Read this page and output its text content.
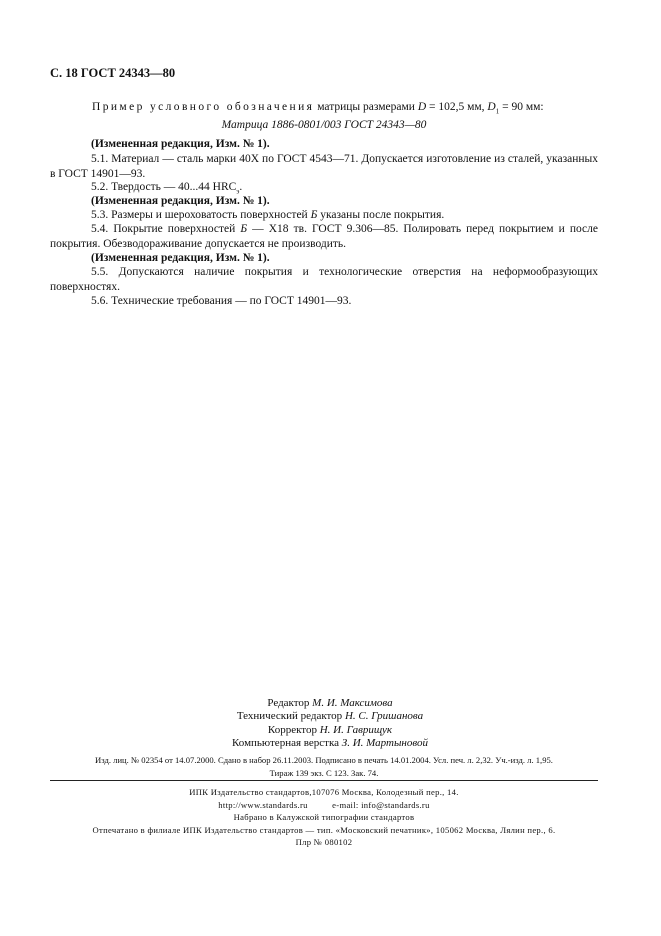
С. 18 ГОСТ 24343—80
Пример условного обозначения матрицы размерами D = 102,5 мм, $D_1 = 90$ мм:
Матрица 1886-0801/003 ГОСТ 24343—80
(Измененная редакция, Изм. № 1).
5.1. Материал — сталь марки 40Х по ГОСТ 4543—71. Допускается изготовление из сталей, указанных в ГОСТ 14901—93.
5.2. Твердость — 40...44 $HRC_э$.
(Измененная редакция, Изм. № 1).
5.3. Размеры и шероховатость поверхностей Б указаны после покрытия.
5.4. Покрытие поверхностей Б — Х18 тв. ГОСТ 9.306—85. Полировать перед покрытием и после покрытия. Обезводораживание допускается не производить.
(Измененная редакция, Изм. № 1).
5.5. Допускаются наличие покрытия и технологические отверстия на неформообразующих поверхностях.
5.6. Технические требования — по ГОСТ 14901—93.
Редактор М. И. Максимова
Технический редактор Н. С. Гришанова
Корректор Н. И. Гаврищук
Компьютерная верстка З. И. Мартыновой
Изд. лиц. № 02354 от 14.07.2000. Сдано в набор 26.11.2003. Подписано в печать 14.01.2004. Усл. печ. л. 2,32. Уч.-изд. л. 1,95.
Тираж 139 экз. С 123. Зак. 74.
ИПК Издательство стандартов,107076 Москва, Колодезный пер., 14.
http://www.standards.ru          e-mail: info@standards.ru
Набрано в Калужской типографии стандартов
Отпечатано в филиале ИПК Издательство стандартов — тип. «Московский печатник», 105062 Москва, Лялин пер., 6.
Плр № 080102
